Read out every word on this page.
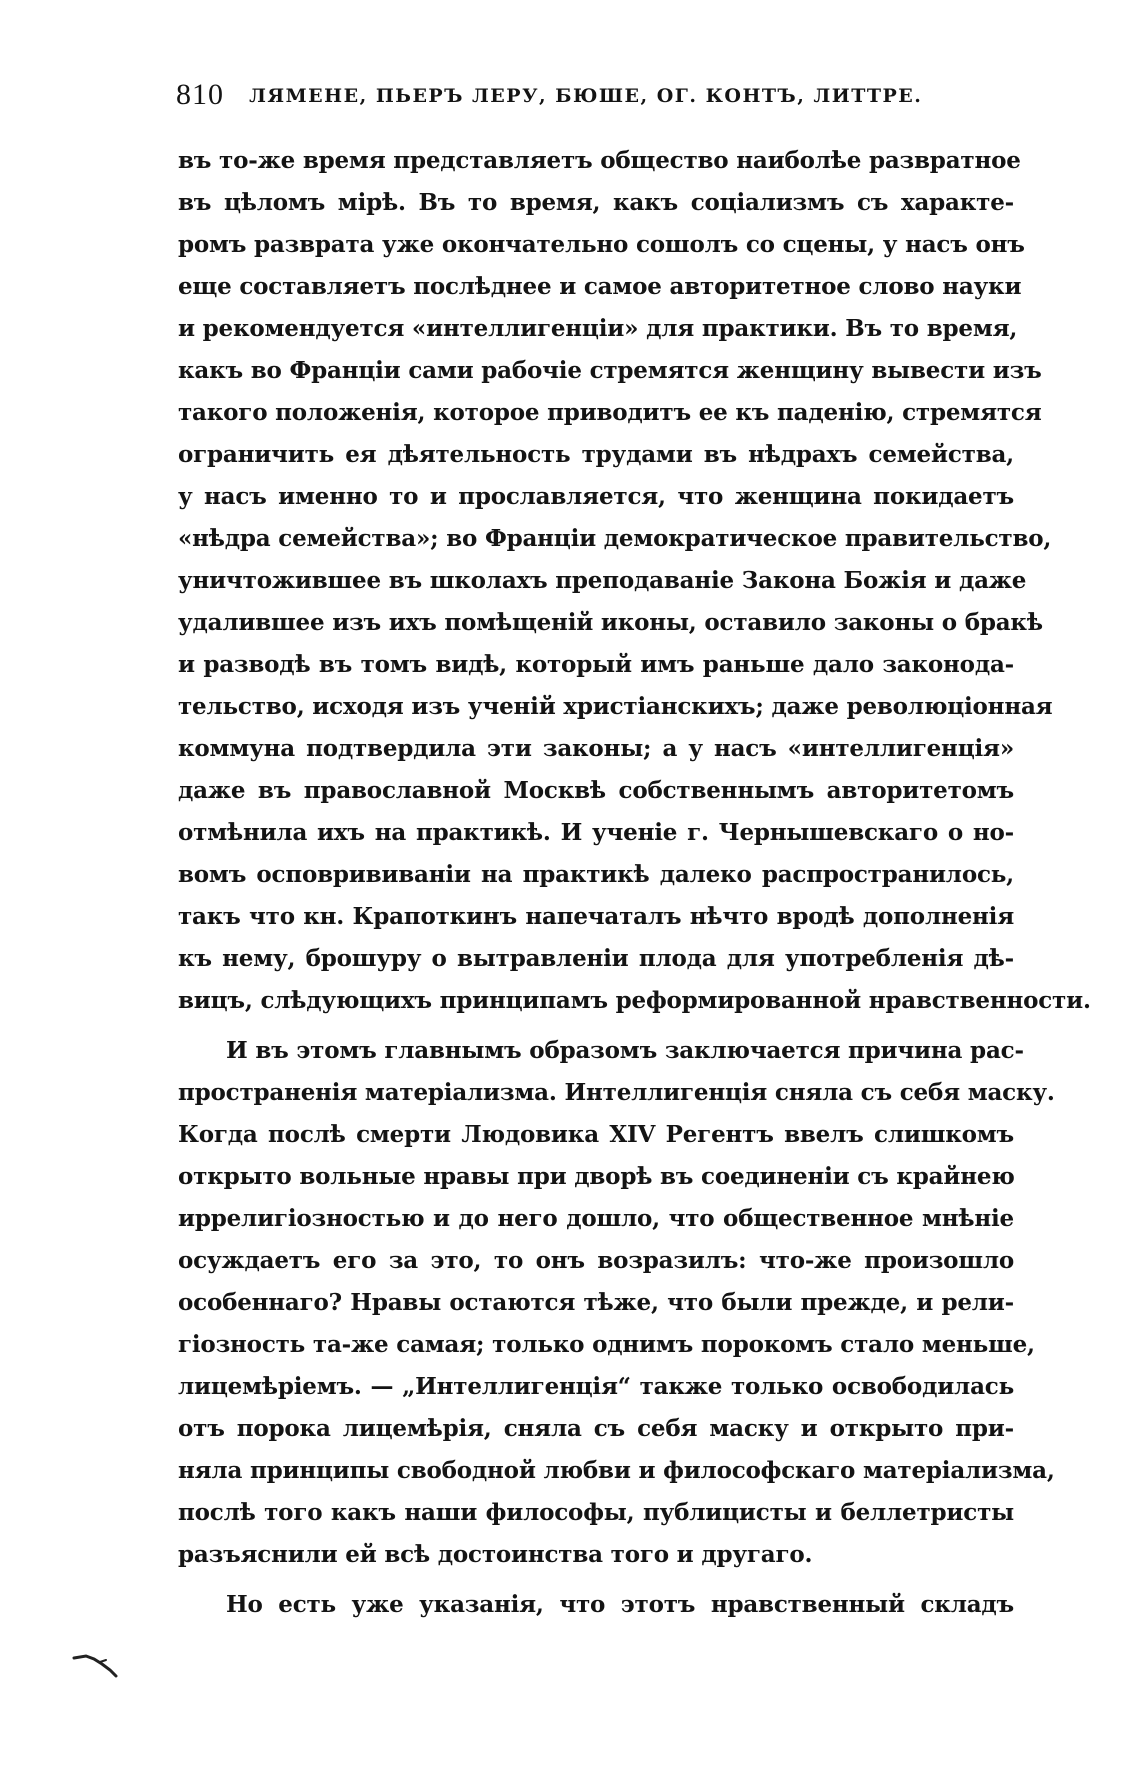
810 ЛЯМЕНЕ, ПЬЕРЪ ЛЕРУ, БЮШЕ, ОГ. КОНТЪ, ЛИТТРЕ.
въ то-же время представляетъ общество наиболѣе развратное
въ цѣломъ мірѣ. Въ то время, какъ соціализмъ съ характе-
ромъ разврата уже окончательно сошолъ со сцены, у насъ онъ
еще составляетъ послѣднее и самое авторитетное слово науки
и рекомендуется «интеллигенціи» для практики. Въ то время,
какъ во Франціи сами рабочіе стремятся женщину вывести изъ
такого положенія, которое приводитъ ее къ паденію, стремятся
ограничить ея дѣятельность трудами въ нѣдрахъ семейства,
у насъ именно то и прославляется, что женщина покидаетъ
«нѣдра семейства»; во Франціи демократическое правительство,
уничтожившее въ школахъ преподаваніе Закона Божія и даже
удалившее изъ ихъ помѣщеній иконы, оставило законы о бракѣ
и разводѣ въ томъ видѣ, который имъ раньше дало законода-
тельство, исходя изъ ученій христіанскихъ; даже революціонная
коммуна подтвердила эти законы; а у насъ «интеллигенція»
даже въ православной Москвѣ собственнымъ авторитетомъ
отмѣнила ихъ на практикѣ. И ученіе г. Чернышевскаго о но-
вомъ осповрививаніи на практикѣ далеко распространилось,
такъ что кн. Крапоткинъ напечаталъ нѣчто вродѣ дополненія
къ нему, брошуру о вытравленіи плода для употребленія дѣ-
вицъ, слѣдующихъ принципамъ реформированной нравственности.
И въ этомъ главнымъ образомъ заключается причина рас-
пространенія матеріализма. Интеллигенція сняла съ себя маску.
Когда послѣ смерти Людовика XIV Регентъ ввелъ слишкомъ
открыто вольные нравы при дворѣ въ соединеніи съ крайнею
иррелигіозностью и до него дошло, что общественное мнѣніе
осуждаетъ его за это, то онъ возразилъ: что-же произошло
особеннаго? Нравы остаются тѣже, что были прежде, и рели-
гіозность та-же самая; только однимъ порокомъ стало меньше,
лицемѣріемъ. — „Интеллигенція“ также только освободилась
отъ порока лицемѣрія, сняла съ себя маску и открыто при-
няла принципы свободной любви и философскаго матеріализма,
послѣ того какъ наши философы, публицисты и беллетристы
разъяснили ей всѣ достоинства того и другаго.
Но есть уже указанія, что этотъ нравственный складъ
